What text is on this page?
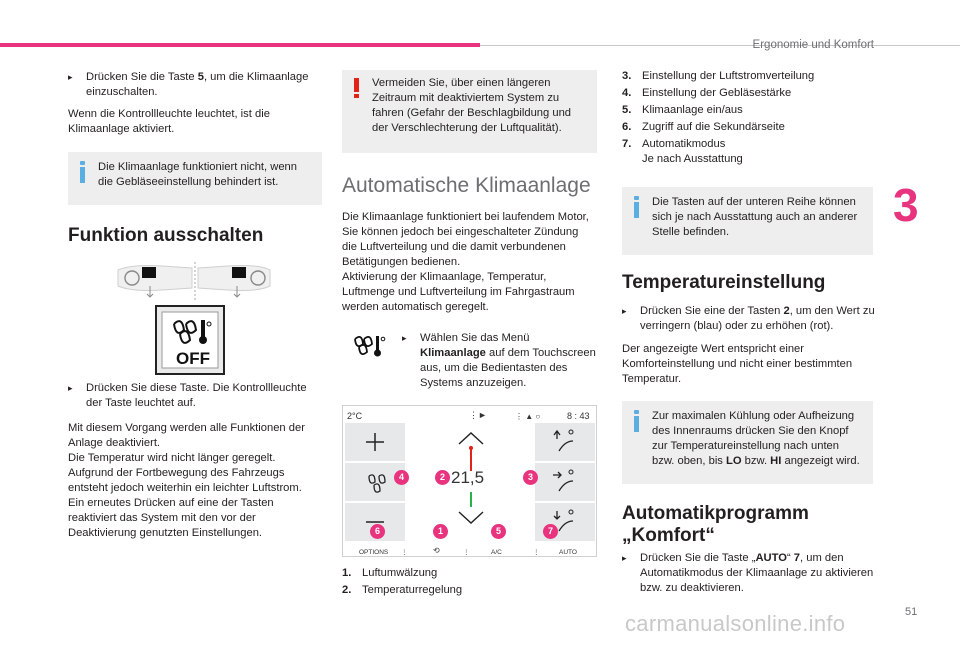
Ergonomie und Komfort
3
51
▸ Drücken Sie die Taste 5, um die Klimaanlage einzuschalten.
Wenn die Kontrollleuchte leuchtet, ist die Klimaanlage aktiviert.
Die Klimaanlage funktioniert nicht, wenn die Gebläseeinstellung behindert ist.
Funktion ausschalten
OFF
▸ Drücken Sie diese Taste. Die Kontrollleuchte der Taste leuchtet auf.
Mit diesem Vorgang werden alle Funktionen der
Anlage deaktiviert.
Die Temperatur wird nicht länger geregelt.
Aufgrund der Fortbewegung des Fahrzeugs
entsteht jedoch weiterhin ein leichter Luftstrom.
Ein erneutes Drücken auf eine der Tasten
reaktiviert das System mit den vor der
Deaktivierung genutzten Einstellungen.
Vermeiden Sie, über einen längeren Zeitraum mit deaktiviertem System zu fahren (Gefahr der Beschlagbildung und der Verschlechterung der Luftqualität).
Automatische Klimaanlage
Die Klimaanlage funktioniert bei laufendem Motor,
Sie können jedoch bei eingeschalteter Zündung
die Luftverteilung und die damit verbundenen
Betätigungen bedienen.
Aktivierung der Klimaanlage, Temperatur,
Luftmenge und Luftverteilung im Fahrgastraum
werden automatisch geregelt.
▸ Wählen Sie das Menü Klimaanlage auf dem Touchscreen aus, um die Bedientasten des Systems anzuzeigen.
2°C	⋮►	⋮ ▲ ○	8 : 43
21,5
4	2	3
6	1	5	7
OPTIONS ⋮	⟲	⋮	A/C	⋮	AUTO
1. Luftumwälzung
2. Temperaturregelung
3. Einstellung der Luftstromverteilung
4. Einstellung der Gebläsestärke
5. Klimaanlage ein/aus
6. Zugriff auf die Sekundärseite
7. Automatikmodus
Je nach Ausstattung
Die Tasten auf der unteren Reihe können sich je nach Ausstattung auch an anderer Stelle befinden.
Temperatureinstellung
▸ Drücken Sie eine der Tasten 2, um den Wert zu verringern (blau) oder zu erhöhen (rot).
Der angezeigte Wert entspricht einer Komforteinstellung und nicht einer bestimmten Temperatur.
Zur maximalen Kühlung oder Aufheizung des Innenraums drücken Sie den Knopf zur Temperatureinstellung nach unten bzw. oben, bis LO bzw. HI angezeigt wird.
Automatikprogramm
„Komfort“
▸ Drücken Sie die Taste „AUTO“ 7, um den Automatikmodus der Klimaanlage zu aktivieren bzw. zu deaktivieren.
carmanualsonline.info
